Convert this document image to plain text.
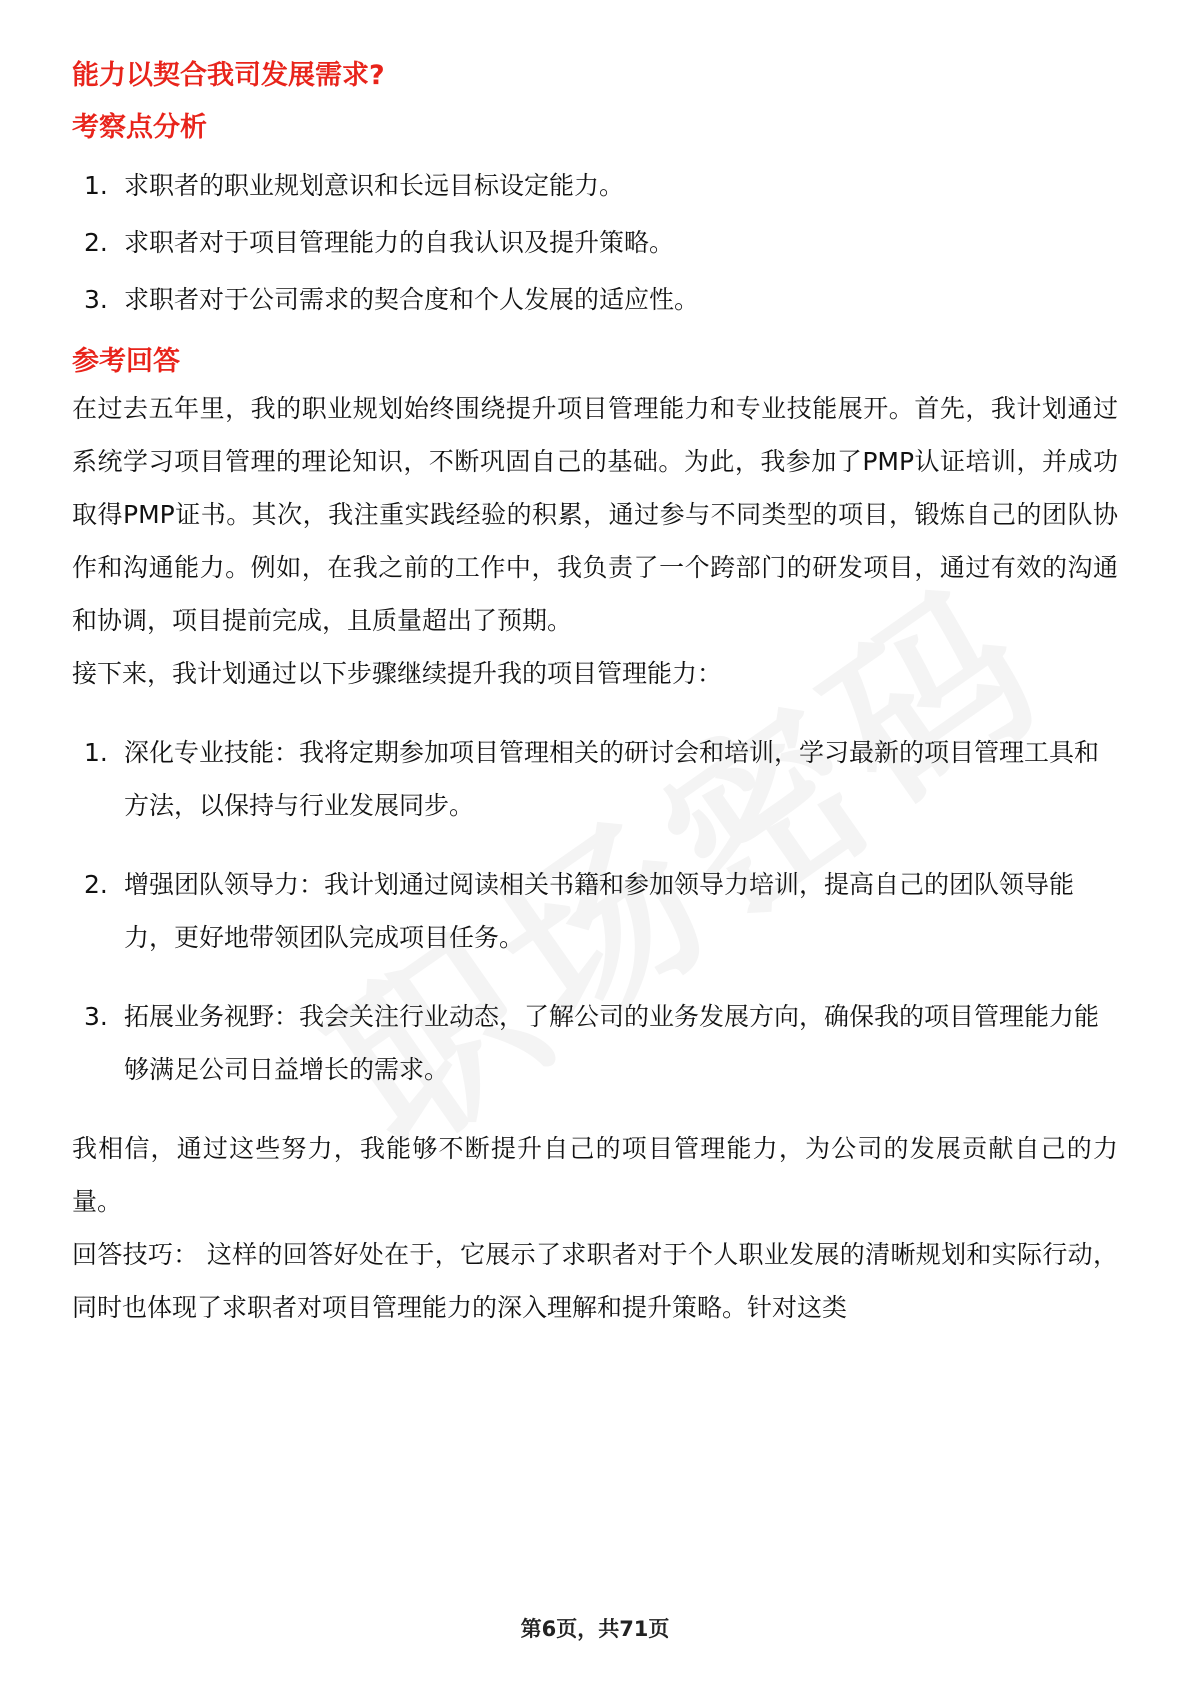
能力以契合我司发展需求?
考察点分析
1. 求职者的职业规划意识和长远目标设定能力。
2. 求职者对于项目管理能力的自我认识及提升策略。
3. 求职者对于公司需求的契合度和个人发展的适应性。
参考回答

在过去五年里，我的职业规划始终围绕提升项目管理能力和专业技能展开。首先，我计划通过系统学习项目管理的理论知识，不断巩固自己的基础。为此，我参加了PMP认证培训，并成功取得PMP证书。其次，我注重实践经验的积累，通过参与不同类型的项目，锻炼自己的团队协作和沟通能力。例如，在我之前的工作中，我负责了一个跨部门的研发项目，通过有效的沟通和协调，项目提前完成，且质量超出了预期。

接下来，我计划通过以下步骤继续提升我的项目管理能力：

1. 深化专业技能：我将定期参加项目管理相关的研讨会和培训，学习最新的项目管理工具和方法，以保持与行业发展同步。
2. 增强团队领导力：我计划通过阅读相关书籍和参加领导力培训，提高自己的团队领导能力，更好地带领团队完成项目任务。
3. 拓展业务视野：我会关注行业动态，了解公司的业务发展方向，确保我的项目管理能力能够满足公司日益增长的需求。

我相信，通过这些努力，我能够不断提升自己的项目管理能力，为公司的发展贡献自己的力量。

回答技巧： 这样的回答好处在于，它展示了求职者对于个人职业发展的清晰规划和实际行动，同时也体现了求职者对项目管理能力的深入理解和提升策略。针对这类

第6页，共71页
